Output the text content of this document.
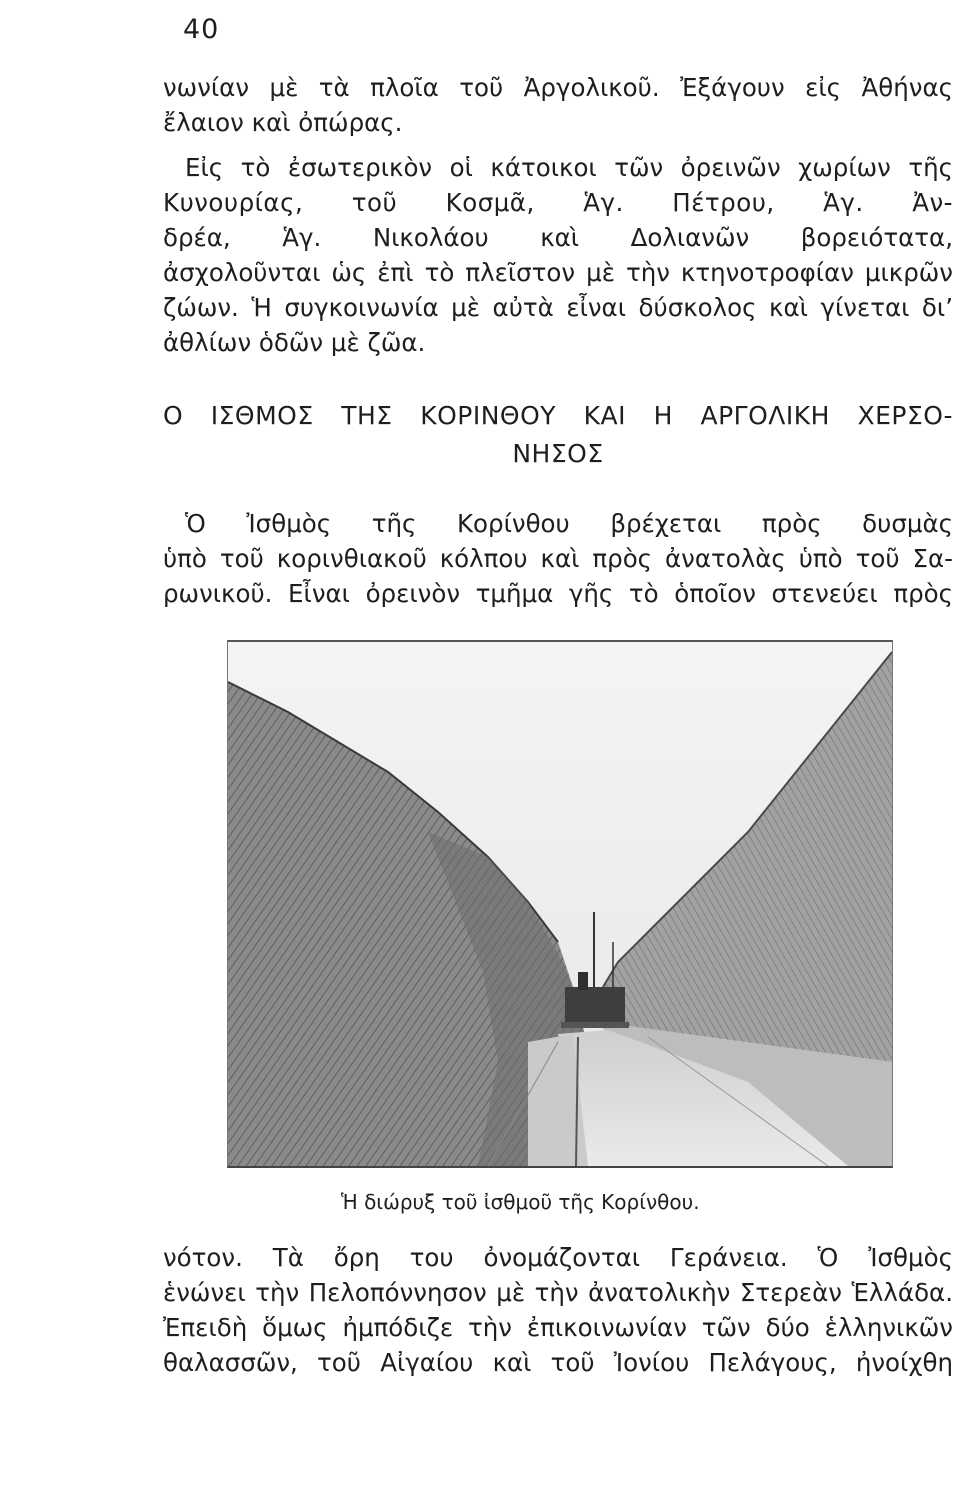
40
νωνίαν μὲ τὰ πλοῖα τοῦ Ἀργολικοῦ. Ἐξάγουν εἰς Ἀθήνας
ἔλαιον καὶ ὀπώρας.
Εἰς τὸ ἐσωτερικὸν οἱ κάτοικοι τῶν ὀρεινῶν χωρίων τῆς
Κυνουρίας, τοῦ Κοσμᾶ, Ἁγ. Πέτρου, Ἁγ. Ἀν-
δρέα, Ἁγ. Νικολάου καὶ Δολιανῶν βορειότατα,
ἀσχολοῦνται ὡς ἐπὶ τὸ πλεῖστον μὲ τὴν κτηνοτροφίαν μικρῶν
ζώων. Ἡ συγκοινωνία μὲ αὐτὰ εἶναι δύσκολος καὶ γίνεται δι’
ἀθλίων ὁδῶν μὲ ζῶα.
Ο ΙΣΘΜΟΣ ΤΗΣ ΚΟΡΙΝΘΟΥ ΚΑΙ Η ΑΡΓΟΛΙΚΗ ΧΕΡΣΟ-
ΝΗΣΟΣ
Ὁ Ἰσθμὸς τῆς Κορίνθου βρέχεται πρὸς δυσμὰς
ὑπὸ τοῦ κορινθιακοῦ κόλπου καὶ πρὸς ἀνατολὰς ὑπὸ τοῦ Σα-
ρωνικοῦ. Εἶναι ὀρεινὸν τμῆμα γῆς τὸ ὁποῖον στενεύει πρὸς
Ἡ διώρυξ τοῦ ἰσθμοῦ τῆς Κορίνθου.
νότον. Τὰ ὄρη του ὀνομάζονται Γεράνεια. Ὁ Ἰσθμὸς
ἑνώνει τὴν Πελοπόννησον μὲ τὴν ἀνατολικὴν Στερεὰν Ἑλλάδα.
Ἐπειδὴ ὅμως ἠμπόδιζε τὴν ἐπικοινωνίαν τῶν δύο ἑλληνικῶν
θαλασσῶν, τοῦ Αἰγαίου καὶ τοῦ Ἰονίου Πελάγους, ἠνοίχθη
